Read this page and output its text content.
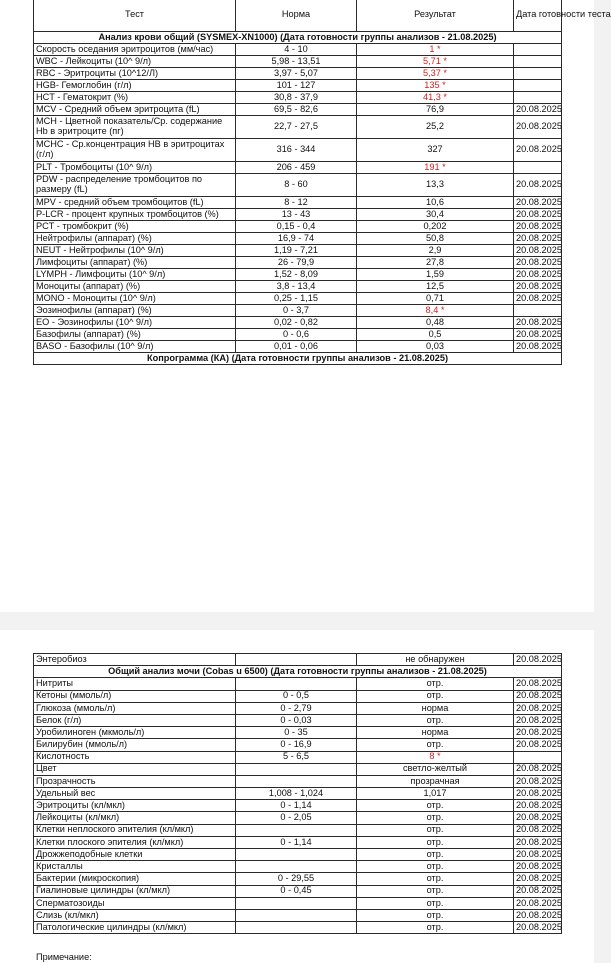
Тест	Норма	Результат	Дата готовности теста
Анализ крови общий (SYSMEX-XN1000) (Дата готовности группы анализов - 21.08.2025)			
Скорость оседания эритроцитов (мм/час)	4 - 10	1 *	
WBC - Лейкоциты (10^ 9/л)	5,98 - 13,51	5,71 *	
RBC - Эритроциты (10^12/Л)	3,97 - 5,07	5,37 *	
HGB- Гемоглобин (г/л)	101 - 127	135 *	
HCT - Гематокрит (%)	30,8 - 37,9	41,3 *	
MCV - Средний объем эритроцита (fL)	69,5 - 82,6	76,9	20.08.2025
MCH - Цветной показатель/Ср. содержание Hb в эритроците (пг)	22,7 - 27,5	25,2	20.08.2025
MCHC - Ср.концентрация HB в эритроцитах (г/л)	316 - 344	327	20.08.2025
PLT - Тромбоциты (10^ 9/л)	206 - 459	191 *	
PDW - распределение тромбоцитов по размеру (fL)	8 - 60	13,3	20.08.2025
MPV - средний объем тромбоцитов (fL)	8 - 12	10,6	20.08.2025
P-LCR - процент крупных тромбоцитов (%)	13 - 43	30,4	20.08.2025
PCT - тромбокрит (%)	0,15 - 0,4	0,202	20.08.2025
Нейтрофилы (аппарат) (%)	16,9 - 74	50,8	20.08.2025
NEUT - Нейтрофилы (10^ 9/л)	1,19 - 7,21	2,9	20.08.2025
Лимфоциты (аппарат) (%)	26 - 79,9	27,8	20.08.2025
LYMPH - Лимфоциты (10^ 9/л)	1,52 - 8,09	1,59	20.08.2025
Моноциты (аппарат) (%)	3,8 - 13,4	12,5	20.08.2025
MONO - Моноциты (10^ 9/л)	0,25 - 1,15	0,71	20.08.2025
Эозинофилы (аппарат) (%)	0 - 3,7	8,4 *	
EO - Эозинофилы (10^ 9/л)	0,02 - 0,82	0,48	20.08.2025
Базофилы (аппарат) (%)	0 - 0,6	0,5	20.08.2025
BASO - Базофилы (10^ 9/л)	0,01 - 0,06	0,03	20.08.2025
Копрограмма (КА) (Дата готовности группы анализов - 21.08.2025)			
Энтеробиоз		не обнаружен	20.08.2025
Общий анализ мочи (Cobas u 6500) (Дата готовности группы анализов - 21.08.2025)			
Нитриты		отр.	20.08.2025
Кетоны (ммоль/л)	0 - 0,5	отр.	20.08.2025
Глюкоза (ммоль/л)	0 - 2,79	норма	20.08.2025
Белок (г/л)	0 - 0,03	отр.	20.08.2025
Уробилиноген (мкмоль/л)	0 - 35	норма	20.08.2025
Билирубин (ммоль/л)	0 - 16,9	отр.	20.08.2025
Кислотность	5 - 6,5	8 *	
Цвет		светло-желтый	20.08.2025
Прозрачность		прозрачная	20.08.2025
Удельный вес	1,008 - 1,024	1,017	20.08.2025
Эритроциты (кл/мкл)	0 - 1,14	отр.	20.08.2025
Лейкоциты (кл/мкл)	0 - 2,05	отр.	20.08.2025
Клетки неплоского эпителия (кл/мкл)		отр.	20.08.2025
Клетки плоского эпителия (кл/мкл)	0 - 1,14	отр.	20.08.2025
Дрожжеподобные клетки		отр.	20.08.2025
Кристаллы		отр.	20.08.2025
Бактерии (микроскопия)	0 - 29,55	отр.	20.08.2025
Гиалиновые цилиндры (кл/мкл)	0 - 0,45	отр.	20.08.2025
Сперматозоиды		отр.	20.08.2025
Слизь (кл/мкл)		отр.	20.08.2025
Патологические цилиндры (кл/мкл)		отр.	20.08.2025
Примечание:
